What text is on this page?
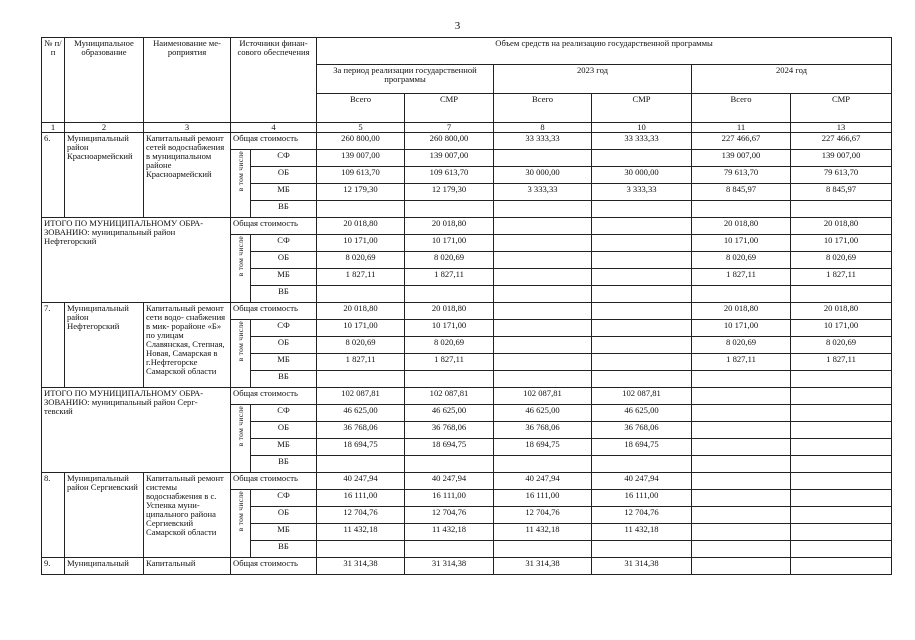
3
№ п/п	Муниципальное образование	Наименование ме- роприятия	Источники финан- сового обеспечения		Объем средств на реализацию государственной программы					
					За период реализации государственной программы		2023 год		2024 год	
					Всего	СМР	Всего	СМР	Всего	СМР
1	2	3	4		5	7	8	10	11	13
6.	Муниципальный район Красноармейский	Капитальный ремонт сетей водоснабжения в муниципальном районе Красноармейский	Общая стоимость		260 800,00	260 800,00	33 333,33	33 333,33	227 466,67	227 466,67

			в том числе	СФ	139 007,00	139 007,00			139 007,00	139 007,00
				ОБ	109 613,70	109 613,70	30 000,00	30 000,00	79 613,70	79 613,70
				МБ	12 179,30	12 179,30	3 333,33	3 333,33	8 845,97	8 845,97
				ВБ						
ИТОГО ПО МУНИЦИПАЛЬНОМУ ОБРА- ЗОВАНИЮ: муниципальный район Нефтегорский			Общая стоимость		20 018,80	20 018,80			20 018,80	20 018,80

			в том числе	СФ	10 171,00	10 171,00			10 171,00	10 171,00
				ОБ	8 020,69	8 020,69			8 020,69	8 020,69
				МБ	1 827,11	1 827,11			1 827,11	1 827,11
				ВБ						
7.	Муниципальный район Нефтегорский	Капитальный ремонт сети водо- снабжения в мик- рорайоне «Б» по улицам Славянская, Степная, Новая, Самарская в г.Нефтегорске Самарской области	Общая стоимость		20 018,80	20 018,80			20 018,80	20 018,80

			в том числе	СФ	10 171,00	10 171,00			10 171,00	10 171,00
				ОБ	8 020,69	8 020,69			8 020,69	8 020,69
				МБ	1 827,11	1 827,11			1 827,11	1 827,11
				ВБ						
ИТОГО ПО МУНИЦИПАЛЬНОМУ ОБРА- ЗОВАНИЮ: муниципальный район Серг- тевский			Общая стоимость		102 087,81	102 087,81	102 087,81	102 087,81		

			в том числе	СФ	46 625,00	46 625,00	46 625,00	46 625,00		
				ОБ	36 768,06	36 768,06	36 768,06	36 768,06		
				МБ	18 694,75	18 694,75	18 694,75	18 694,75		
				ВБ						
8.	Муниципальный район Сергиевский	Капитальный ремонт системы водоснабжения в с. Успенка муни- ципального района Сергиевский Самарской области	Общая стоимость		40 247,94	40 247,94	40 247,94	40 247,94		

			в том числе	СФ	16 111,00	16 111,00	16 111,00	16 111,00		
				ОБ	12 704,76	12 704,76	12 704,76	12 704,76		
				МБ	11 432,18	11 432,18	11 432,18	11 432,18		
				ВБ						
9.	Муниципальный	Капитальный	Общая стоимость		31 314,38	31 314,38	31 314,38	31 314,38		
